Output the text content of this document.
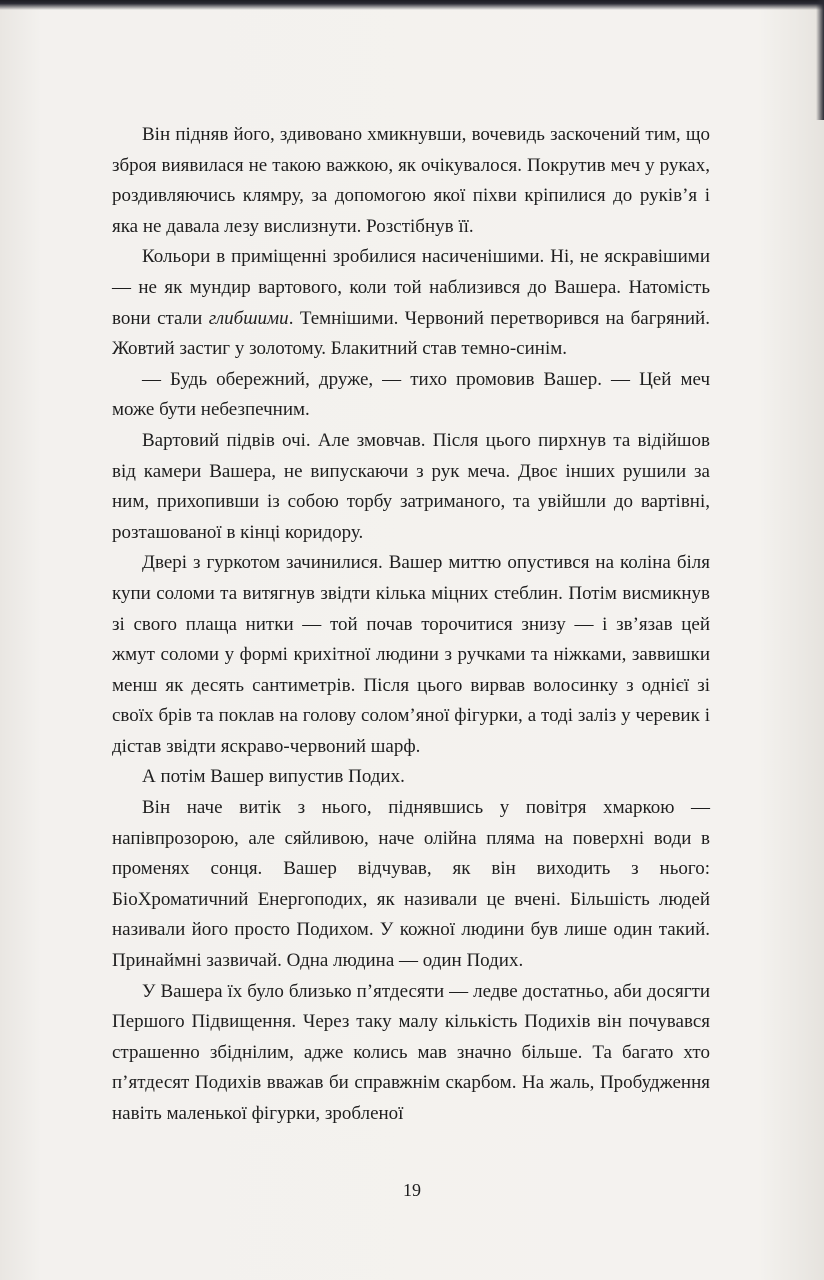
Він підняв його, здивовано хмикнувши, вочевидь заскочений тим, що зброя виявилася не такою важкою, як очікувалося. Покрутив меч у руках, роздивляючись клямру, за допомогою якої піхви кріпилися до руків’я і яка не давала лезу вислизнути. Розстібнув її.

Кольори в приміщенні зробилися насиченішими. Ні, не яскравішими — не як мундир вартового, коли той наблизився до Вашера. Натомість вони стали глибшими. Темнішими. Червоний перетворився на багряний. Жовтий застиг у золотому. Блакитний став темно-синім.

— Будь обережний, друже, — тихо промовив Вашер. — Цей меч може бути небезпечним.

Вартовий підвів очі. Але змовчав. Після цього пирхнув та відійшов від камери Вашера, не випускаючи з рук меча. Двоє інших рушили за ним, прихопивши із собою торбу затриманого, та увійшли до вартівні, розташованої в кінці коридору.

Двері з гуркотом зачинилися. Вашер миттю опустився на коліна біля купи соломи та витягнув звідти кілька міцних стеблин. Потім висмикнув зі свого плаща нитки — той почав торочитися знизу — і зв’язав цей жмут соломи у формі крихітної людини з ручками та ніжками, заввишки менш як десять сантиметрів. Після цього вирвав волосинку з однієї зі своїх брів та поклав на голову солом’яної фігурки, а тоді заліз у черевик і дістав звідти яскраво-червоний шарф.

А потім Вашер випустив Подих.

Він наче витік з нього, піднявшись у повітря хмаркою — напівпрозорою, але сяйливою, наче олійна пляма на поверхні води в променях сонця. Вашер відчував, як він виходить з нього: БіоХроматичний Енергоподих, як називали це вчені. Більшість людей називали його просто Подихом. У кожної людини був лише один такий. Принаймні зазвичай. Одна людина — один Подих.

У Вашера їх було близько п’ятдесяти — ледве достатньо, аби досягти Першого Підвищення. Через таку малу кількість Подихів він почувався страшенно збіднілим, адже колись мав значно більше. Та багато хто п’ятдесят Подихів вважав би справжнім скарбом. На жаль, Пробудження навіть маленької фігурки, зробленої

19
